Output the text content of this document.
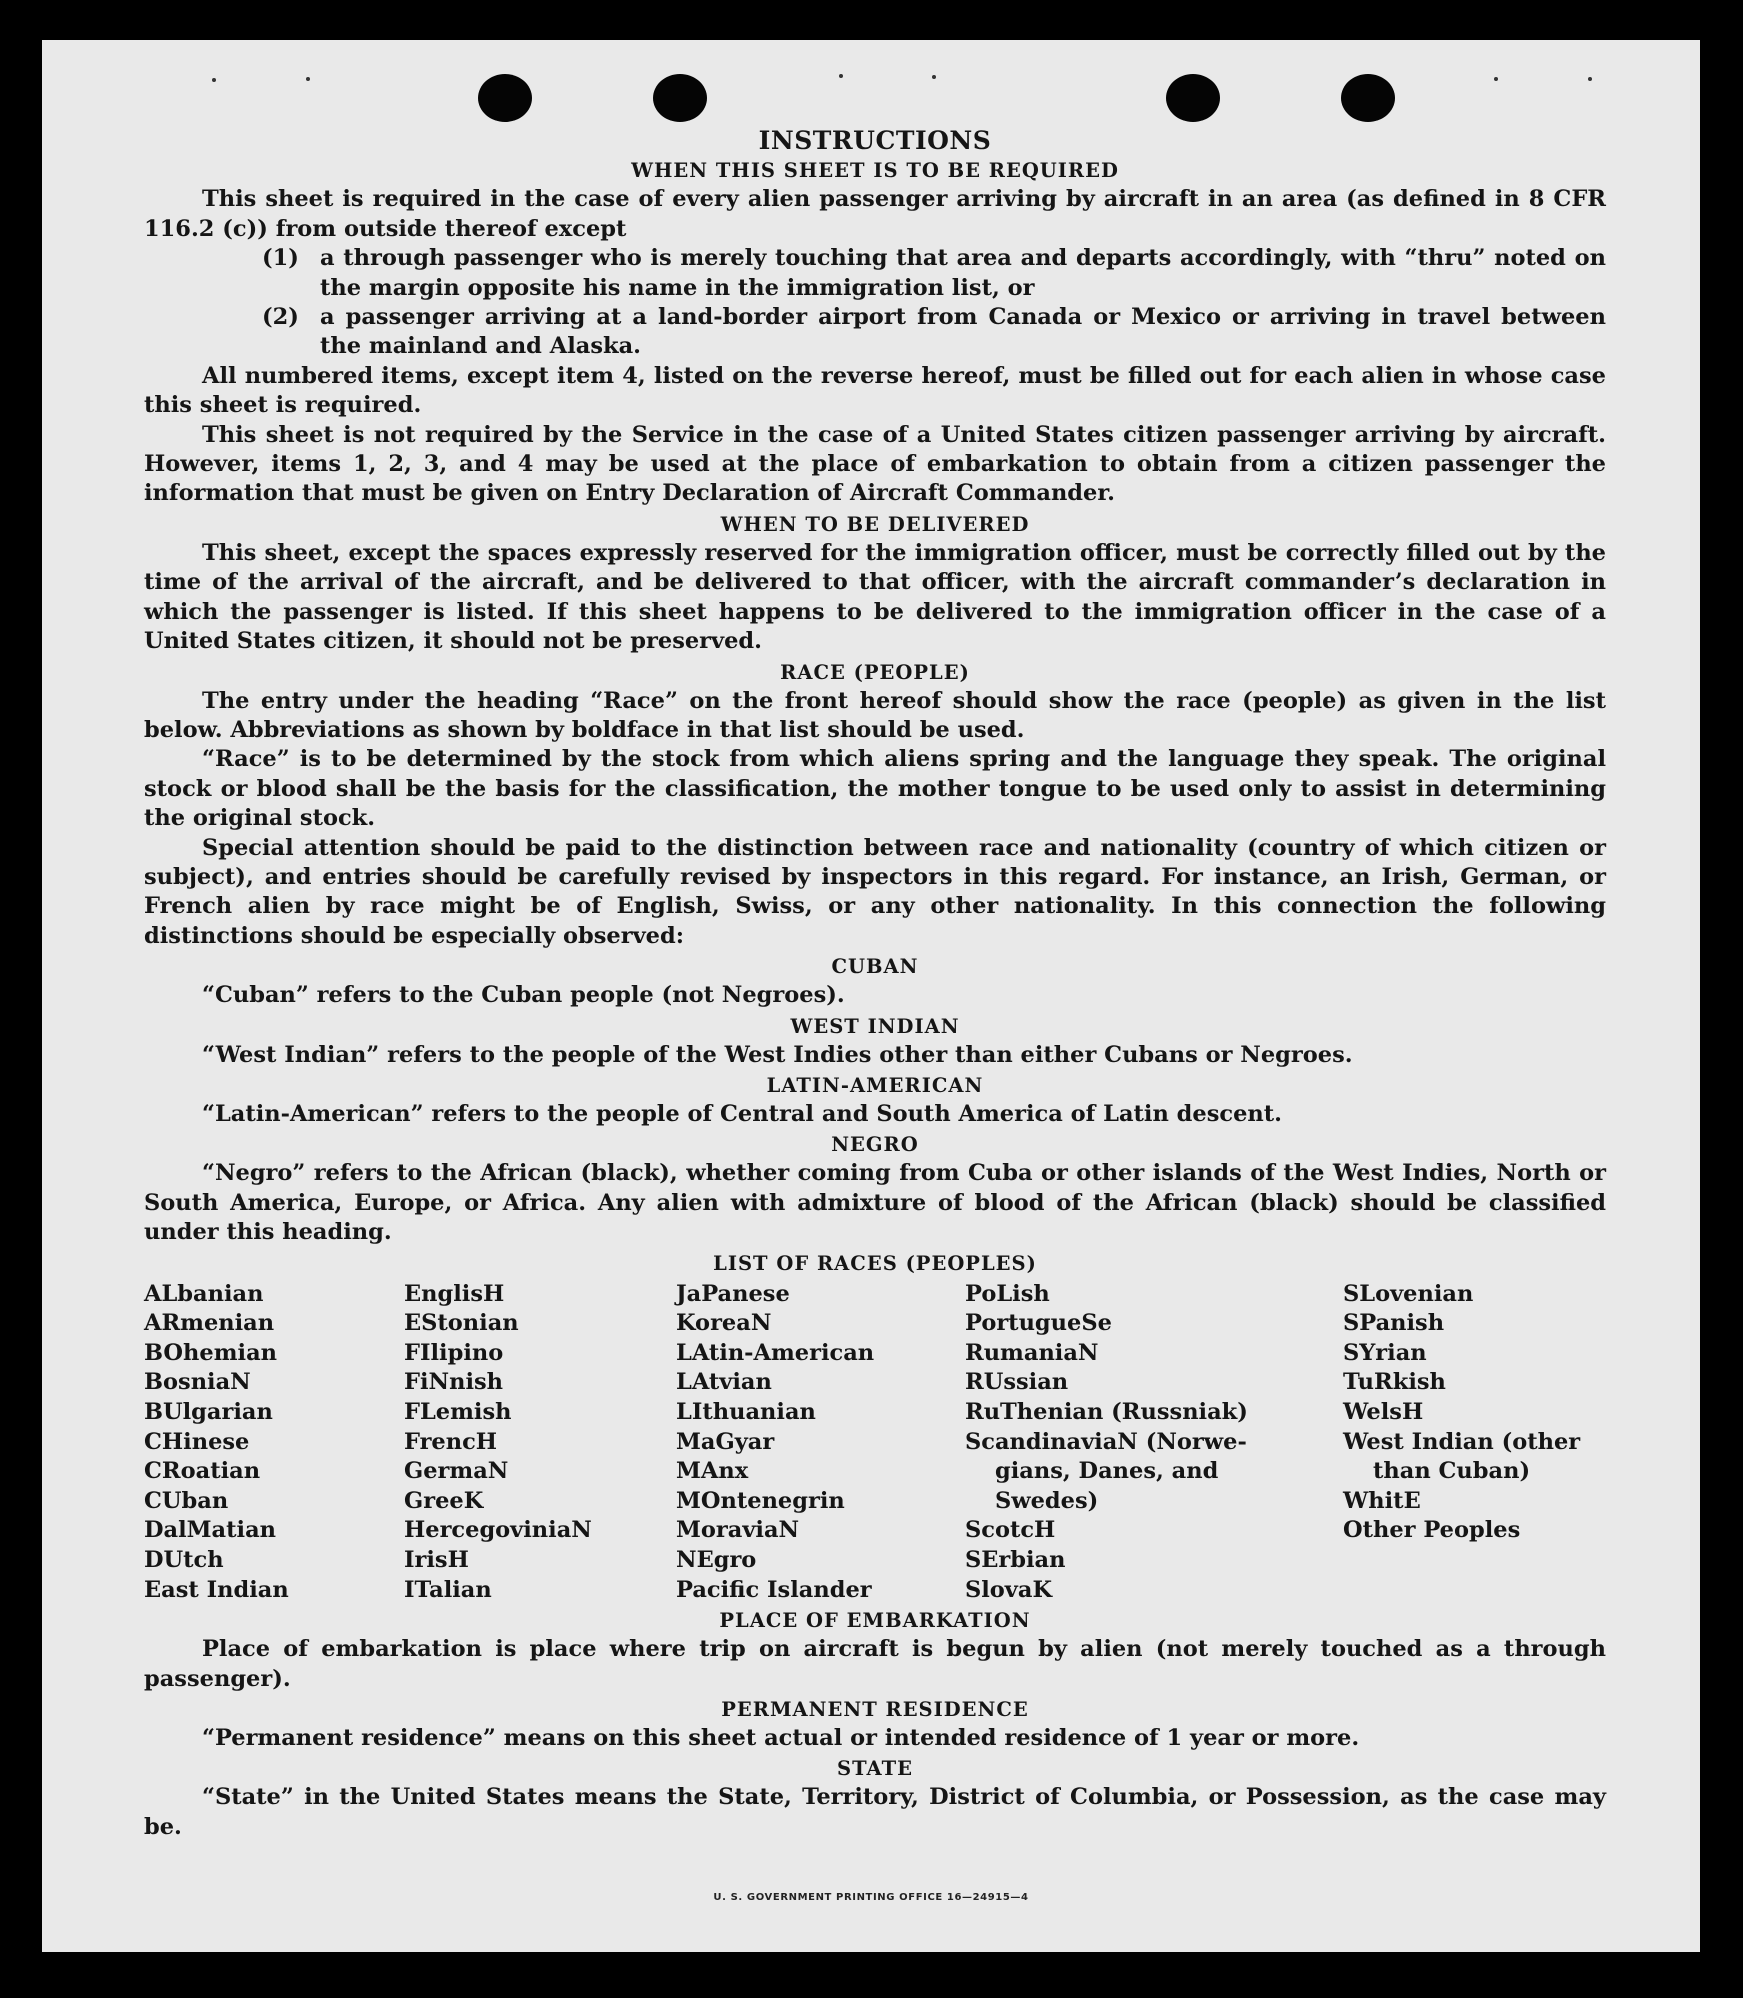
INSTRUCTIONS
WHEN THIS SHEET IS TO BE REQUIRED

This sheet is required in the case of every alien passenger arriving by aircraft in an area (as defined in 8 CFR 116.2 (c)) from outside thereof except

(1) a through passenger who is merely touching that area and departs accordingly, with “thru” noted on the margin opposite his name in the immigration list, or
(2) a passenger arriving at a land-border airport from Canada or Mexico or arriving in travel between the mainland and Alaska.

All numbered items, except item 4, listed on the reverse hereof, must be filled out for each alien in whose case this sheet is required.

This sheet is not required by the Service in the case of a United States citizen passenger arriving by aircraft. However, items 1, 2, 3, and 4 may be used at the place of embarkation to obtain from a citizen passenger the information that must be given on Entry Declaration of Aircraft Commander.

WHEN TO BE DELIVERED

This sheet, except the spaces expressly reserved for the immigration officer, must be correctly filled out by the time of the arrival of the aircraft, and be delivered to that officer, with the aircraft commander’s declaration in which the passenger is listed. If this sheet happens to be delivered to the immigration officer in the case of a United States citizen, it should not be preserved.

RACE (PEOPLE)

The entry under the heading “Race” on the front hereof should show the race (people) as given in the list below. Abbreviations as shown by boldface in that list should be used.

“Race” is to be determined by the stock from which aliens spring and the language they speak. The original stock or blood shall be the basis for the classification, the mother tongue to be used only to assist in determining the original stock.

Special attention should be paid to the distinction between race and nationality (country of which citizen or subject), and entries should be carefully revised by inspectors in this regard. For instance, an Irish, German, or French alien by race might be of English, Swiss, or any other nationality. In this connection the following distinctions should be especially observed:

CUBAN

“Cuban” refers to the Cuban people (not Negroes).

WEST INDIAN

“West Indian” refers to the people of the West Indies other than either Cubans or Negroes.

LATIN-AMERICAN

“Latin-American” refers to the people of Central and South America of Latin descent.

NEGRO

“Negro” refers to the African (black), whether coming from Cuba or other islands of the West Indies, North or South America, Europe, or Africa. Any alien with admixture of blood of the African (black) should be classified under this heading.

LIST OF RACES (PEOPLES)
ALbanian
ARmenian
BOhemian
BosniaN
BUlgarian
CHinese
CRoatian
CUban
DalMatian
DUtch
East Indian
EnglisH
EStonian
FIlipino
FiNnish
FLemish
FrencH
GermaN
GreeK
HercegoviniaN
IrisH
ITalian
JaPanese
KoreaN
LAtin-American
LAtvian
LIthuanian
MaGyar
MAnx
MOntenegrin
MoraviaN
NEgro
Pacific Islander
PoLish
PortugueSe
RumaniaN
RUssian
RuThenian (Russniak)
ScandinaviaN (Norwe-
gians, Danes, and
Swedes)
ScotcH
SErbian
SlovaK
SLovenian
SPanish
SYrian
TuRkish
WelsH
West Indian (other
than Cuban)
WhitE
Other Peoples
PLACE OF EMBARKATION

Place of embarkation is place where trip on aircraft is begun by alien (not merely touched as a through passenger).

PERMANENT RESIDENCE

“Permanent residence” means on this sheet actual or intended residence of 1 year or more.

STATE

“State” in the United States means the State, Territory, District of Columbia, or Possession, as the case may be.

U. S. GOVERNMENT PRINTING OFFICE 16—24915—4
